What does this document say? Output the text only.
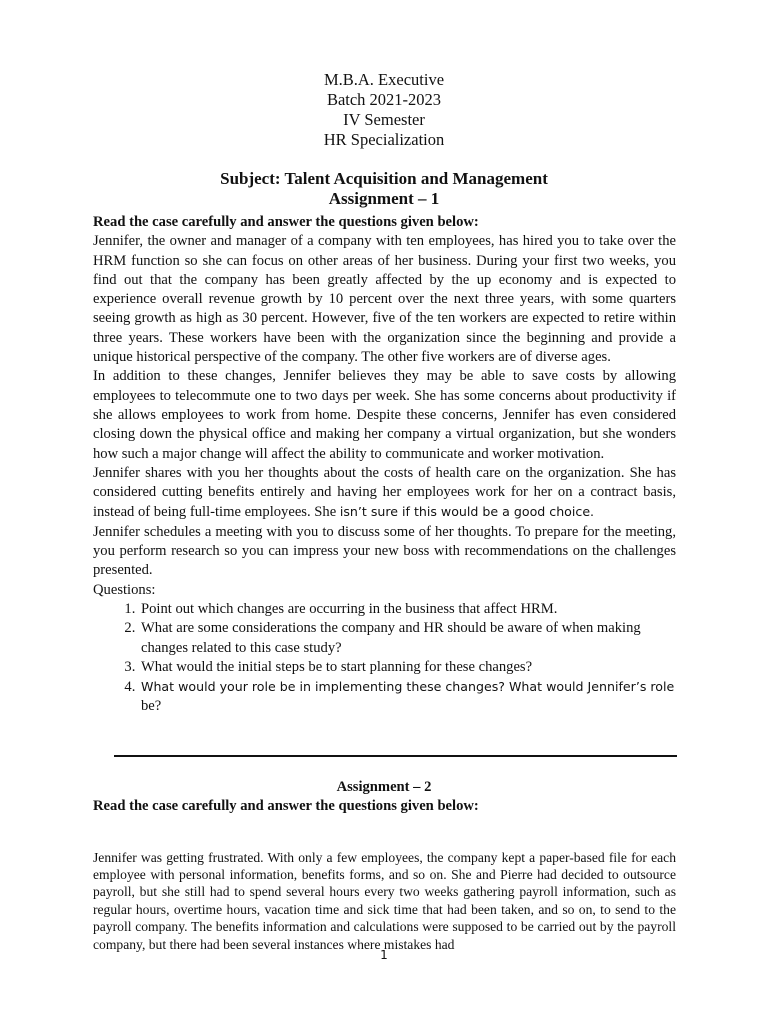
M.B.A. Executive
Batch 2021-2023
IV Semester
HR Specialization
Subject: Talent Acquisition and Management
Assignment – 1

Read the case carefully and answer the questions given below:

Jennifer, the owner and manager of a company with ten employees, has hired you to take over the HRM function so she can focus on other areas of her business. During your first two weeks, you find out that the company has been greatly affected by the up economy and is expected to experience overall revenue growth by 10 percent over the next three years, with some quarters seeing growth as high as 30 percent. However, five of the ten workers are expected to retire within three years. These workers have been with the organization since the beginning and provide a unique historical perspective of the company. The other five workers are of diverse ages.

In addition to these changes, Jennifer believes they may be able to save costs by allowing employees to telecommute one to two days per week. She has some concerns about productivity if she allows employees to work from home. Despite these concerns, Jennifer has even considered closing down the physical office and making her company a virtual organization, but she wonders how such a major change will affect the ability to communicate and worker motivation.

Jennifer shares with you her thoughts about the costs of health care on the organization. She has considered cutting benefits entirely and having her employees work for her on a contract basis, instead of being full-time employees. She isn’t sure if this would be a good choice.

Jennifer schedules a meeting with you to discuss some of her thoughts. To prepare for the meeting, you perform research so you can impress your new boss with recommendations on the challenges presented.

Questions:

1. Point out which changes are occurring in the business that affect HRM.
2. What are some considerations the company and HR should be aware of when making changes related to this case study?
3. What would the initial steps be to start planning for these changes?
4. What would your role be in implementing these changes? What would Jennifer’s role
be?
Assignment – 2

Read the case carefully and answer the questions given below:

Jennifer was getting frustrated. With only a few employees, the company kept a paper-based file for each employee with personal information, benefits forms, and so on. She and Pierre had decided to outsource payroll, but she still had to spend several hours every two weeks gathering payroll information, such as regular hours, overtime hours, vacation time and sick time that had been taken, and so on, to send to the payroll company. The benefits information and calculations were supposed to be carried out by the payroll company, but there had been several instances where mistakes had

1
